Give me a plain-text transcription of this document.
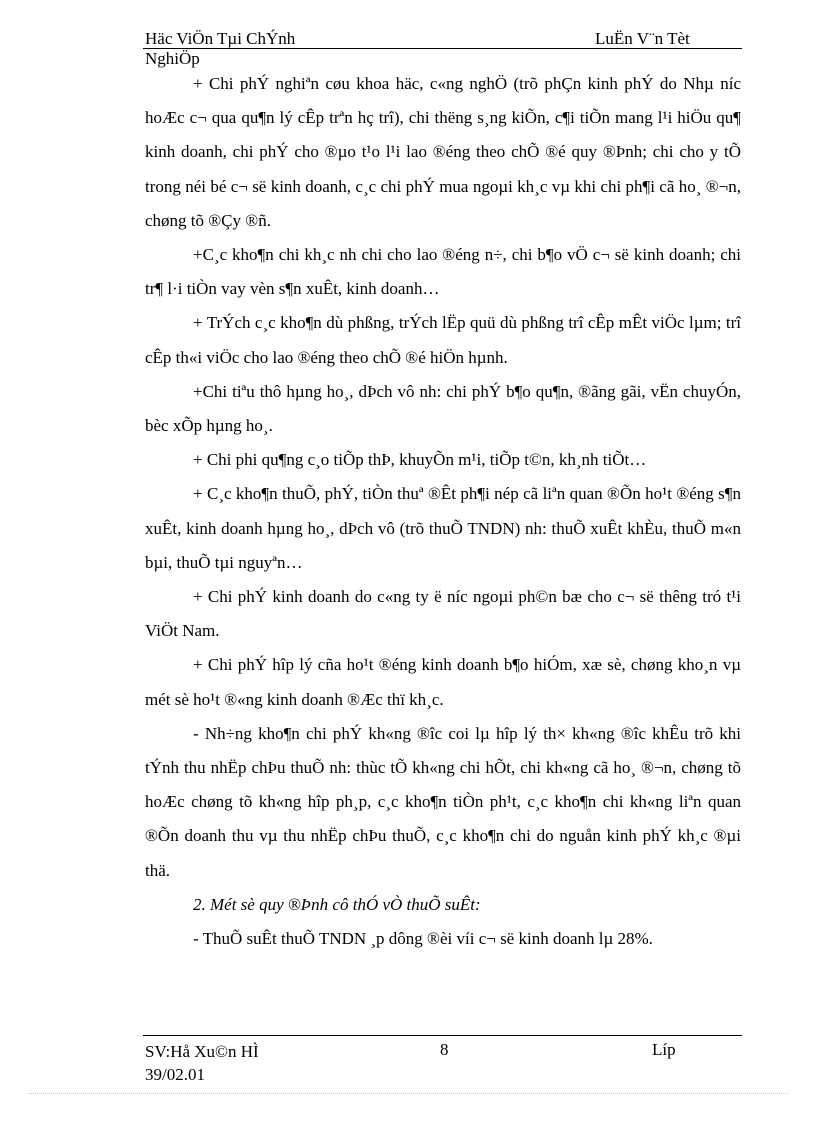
Häc ViÖn Tµi ChÝnh	LuËn V¨n Tèt
NghiÖp

+ Chi phÝ nghiªn cøu khoa häc, c«ng nghÖ (trõ phÇn kinh phÝ do Nhµ níc hoÆc c¬ qua qu¶n lý cÊp trªn hç trî), chi thëng s¸ng kiÕn, c¶i tiÕn mang l¹i hiÖu qu¶ kinh doanh, chi phÝ cho ®µo t¹o l¹i lao ®éng theo chÕ ®é quy ®Þnh; chi cho y tÕ trong néi bé c¬ së kinh doanh, c¸c chi phÝ mua ngoµi kh¸c vµ khi chi ph¶i cã ho¸ ®¬n, chøng tõ ®Çy ®ñ.

+C¸c kho¶n chi kh¸c nh chi cho lao ®éng n÷, chi b¶o vÖ c¬ së kinh doanh; chi tr¶ l·i tiÒn vay vèn s¶n xuÊt, kinh doanh…

+ TrÝch c¸c kho¶n dù phßng, trÝch lËp quü dù phßng trî cÊp mÊt viÖc lµm; trî cÊp th«i viÖc cho lao ®éng theo chÕ ®é hiÖn hµnh.

+Chi tiªu thô hµng ho¸, dÞch vô nh: chi phÝ b¶o qu¶n, ®ãng gãi, vËn chuyÓn, bèc xÕp hµng ho¸.

+ Chi phi qu¶ng c¸o tiÕp thÞ, khuyÕn m¹i, tiÕp t©n, kh¸nh tiÕt…

+ C¸c kho¶n thuÕ, phÝ, tiÒn thuª ®Êt ph¶i nép cã liªn quan ®Õn ho¹t ®éng s¶n xuÊt, kinh doanh hµng ho¸, dÞch vô (trõ thuÕ TNDN) nh: thuÕ xuÊt khÈu, thuÕ m«n bµi, thuÕ tµi nguyªn…

+ Chi phÝ kinh doanh do c«ng ty ë níc ngoµi ph©n bæ cho c¬ së thêng tró t¹i ViÖt Nam.

+ Chi phÝ hîp lý cña ho¹t ®éng kinh doanh b¶o hiÓm, xæ sè, chøng kho¸n vµ mét sè ho¹t ®«ng kinh doanh ®Æc thï kh¸c.

- Nh÷ng kho¶n chi phÝ kh«ng ®îc coi lµ hîp lý th× kh«ng ®îc khÊu trõ khi tÝnh thu nhËp chÞu thuÕ nh: thùc tÕ kh«ng chi hÕt, chi kh«ng cã ho¸ ®¬n, chøng tõ hoÆc chøng tõ kh«ng hîp ph¸p, c¸c kho¶n tiÒn ph¹t, c¸c kho¶n chi kh«ng liªn quan ®Õn doanh thu vµ thu nhËp chÞu thuÕ, c¸c kho¶n chi do nguån kinh phÝ kh¸c ®µi thä.

2. Mét sè quy ®Þnh cô thÓ vÒ thuÕ suÊt:

- ThuÕ suÊt thuÕ TNDN ¸p dông ®èi víi c¬ së kinh doanh lµ 28%.

SV:Hå Xu©n HÌ
39/02.01
8	Líp
